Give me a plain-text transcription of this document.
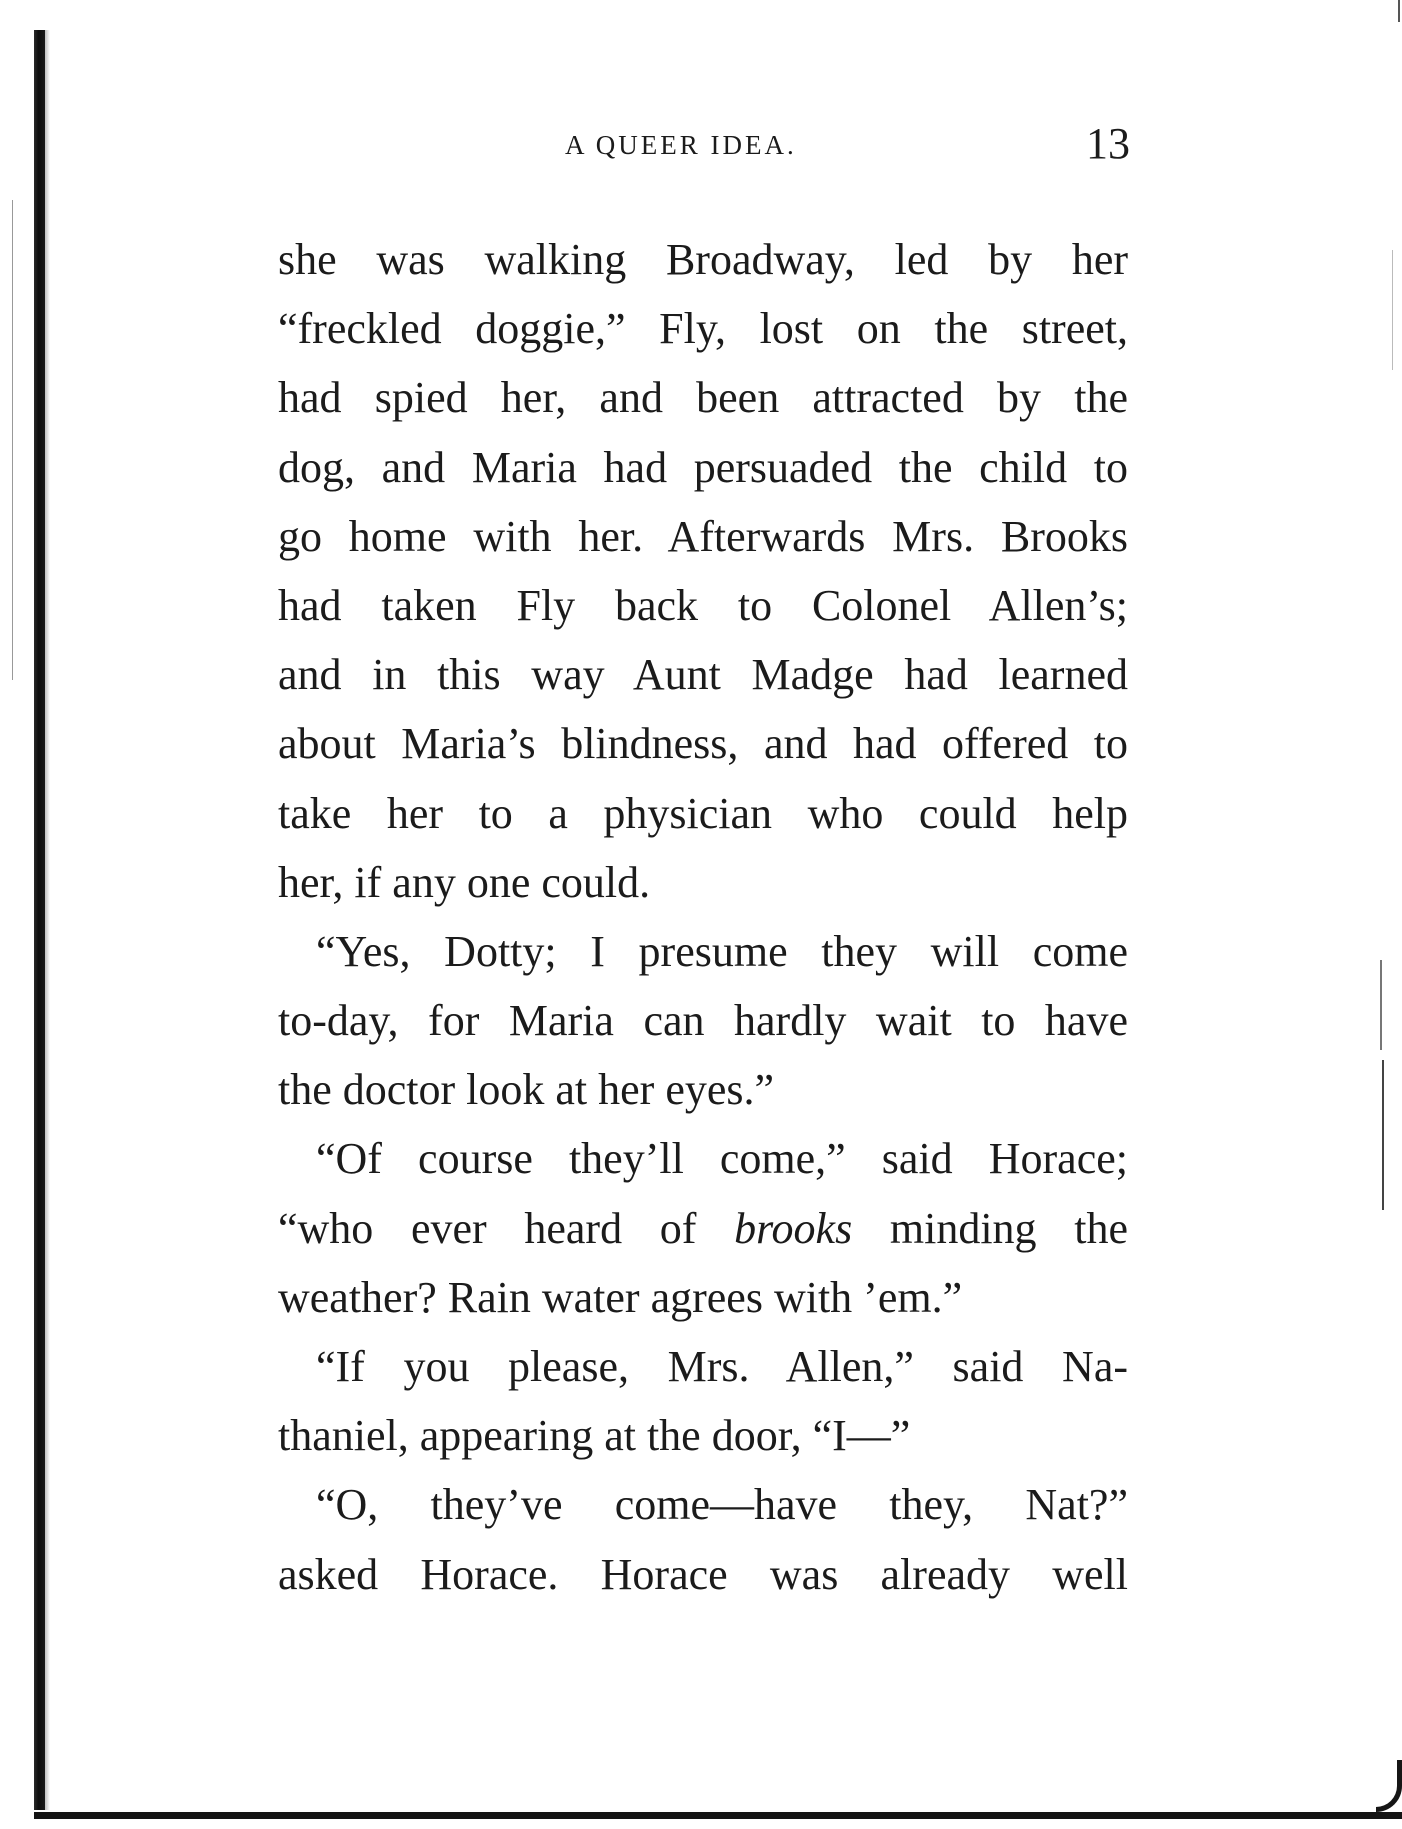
A QUEER IDEA.	13
she was walking Broadway, led by her
“freckled doggie,” Fly, lost on the street,
had spied her, and been attracted by the
dog, and Maria had persuaded the child to
go home with her. Afterwards Mrs. Brooks
had taken Fly back to Colonel Allen’s;
and in this way Aunt Madge had learned
about Maria’s blindness, and had offered to
take her to a physician who could help
her, if any one could.
“Yes, Dotty; I presume they will come
to-day, for Maria can hardly wait to have
the doctor look at her eyes.”
“Of course they’ll come,” said Horace;
“who ever heard of brooks minding the
weather? Rain water agrees with ’em.”
“If you please, Mrs. Allen,” said Na-
thaniel, appearing at the door, “I—”
“O, they’ve come—have they, Nat?”
asked Horace. Horace was already well
